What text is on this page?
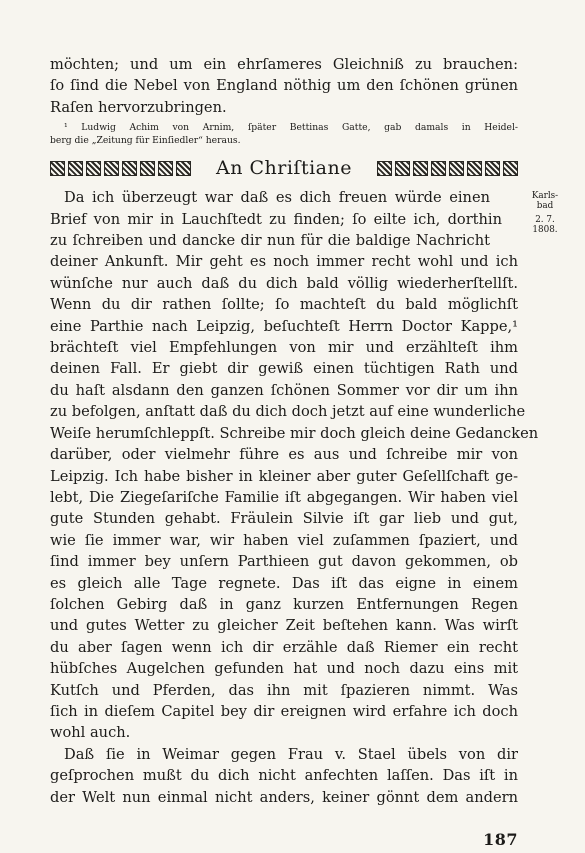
möchten; und um ein ehrſameres Gleichniß zu brauchen:

ſo ſind die Nebel von England nöthig um den ſchönen grünen

Raſen hervorzubringen.

¹ Ludwig Achim von Arnim, ſpäter Bettinas Gatte, gab damals in Heidel-

berg die „Zeitung für Einſiedler“ heraus.

An Chriſtiane
Karls-
bad
2. 7.
1808.

Da ich überzeugt war daß es dich freuen würde einen

Brief von mir in Lauchſtedt zu finden; ſo eilte ich, dorthin

zu ſchreiben und dancke dir nun für die baldige Nachricht

deiner Ankunft. Mir geht es noch immer recht wohl und ich

wünſche nur auch daß du dich bald völlig wiederherſtellſt.

Wenn du dir rathen ſollte; ſo machteſt du bald möglichſt

eine Parthie nach Leipzig, beſuchteſt Herrn Doctor Kappe,¹

brächteſt viel Empfehlungen von mir und erzählteſt ihm

deinen Fall. Er giebt dir gewiß einen tüchtigen Rath und

du haſt alsdann den ganzen ſchönen Sommer vor dir um ihn

zu befolgen, anſtatt daß du dich doch jetzt auf eine wunderliche

Weiſe herumſchleppſt. Schreibe mir doch gleich deine Gedancken

darüber, oder vielmehr führe es aus und ſchreibe mir von

Leipzig. Ich habe bisher in kleiner aber guter Geſellſchaft ge-

lebt, Die Ziegeſariſche Familie iſt abgegangen. Wir haben viel

gute Stunden gehabt. Fräulein Silvie iſt gar lieb und gut,

wie ſie immer war, wir haben viel zuſammen ſpaziert, und

ſind immer bey unſern Parthieen gut davon gekommen, ob

es gleich alle Tage regnete. Das iſt das eigne in einem

ſolchen Gebirg daß in ganz kurzen Entfernungen Regen

und gutes Wetter zu gleicher Zeit beſtehen kann. Was wirſt

du aber ſagen wenn ich dir erzähle daß Riemer ein recht

hübſches Augelchen gefunden hat und noch dazu eins mit

Kutſch und Pferden, das ihn mit ſpazieren nimmt. Was

ſich in dieſem Capitel bey dir ereignen wird erfahre ich doch

wohl auch.

Daß ſie in Weimar gegen Frau v. Stael übels von dir

geſprochen mußt du dich nicht anfechten laſſen. Das iſt in

der Welt nun einmal nicht anders, keiner gönnt dem andern

187
